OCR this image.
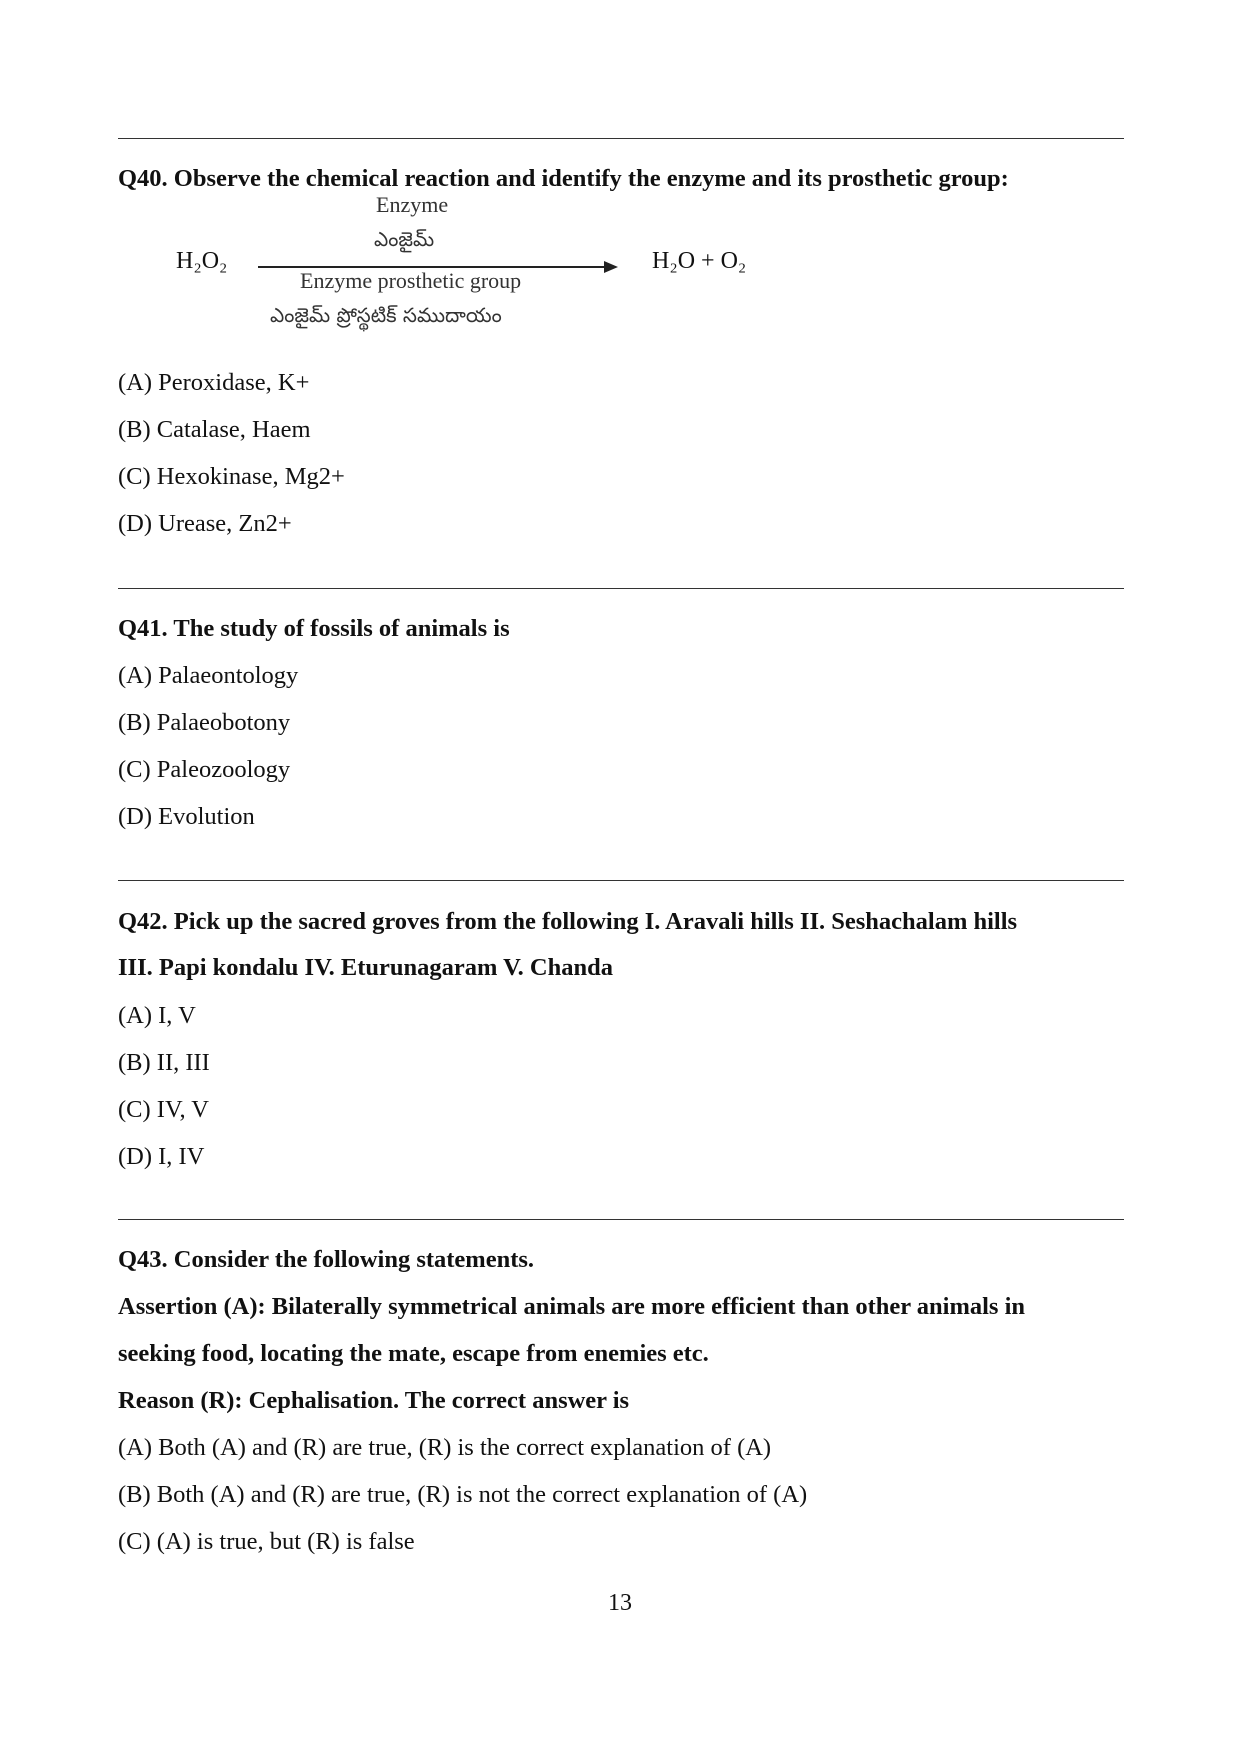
Q40. Observe the chemical reaction and identify the enzyme and its prosthetic group:
Enzyme
ఎంజైమ్
H₂O₂	H₂O + O₂
Enzyme prosthetic group
ఎంజైమ్ ప్రోస్థటిక్ సముదాయం
(A) Peroxidase, K+
(B) Catalase, Haem
(C) Hexokinase, Mg2+
(D) Urease, Zn2+
Q41. The study of fossils of animals is
(A) Palaeontology
(B) Palaeobotony
(C) Paleozoology
(D) Evolution
Q42. Pick up the sacred groves from the following I. Aravali hills II. Seshachalam hills
III. Papi kondalu IV. Eturunagaram V. Chanda
(A) I, V
(B) II, III
(C) IV, V
(D) I, IV
Q43. Consider the following statements.
Assertion (A): Bilaterally symmetrical animals are more efficient than other animals in
seeking food, locating the mate, escape from enemies etc.
Reason (R): Cephalisation. The correct answer is
(A) Both (A) and (R) are true, (R) is the correct explanation of (A)
(B) Both (A) and (R) are true, (R) is not the correct explanation of (A)
(C) (A) is true, but (R) is false
13
